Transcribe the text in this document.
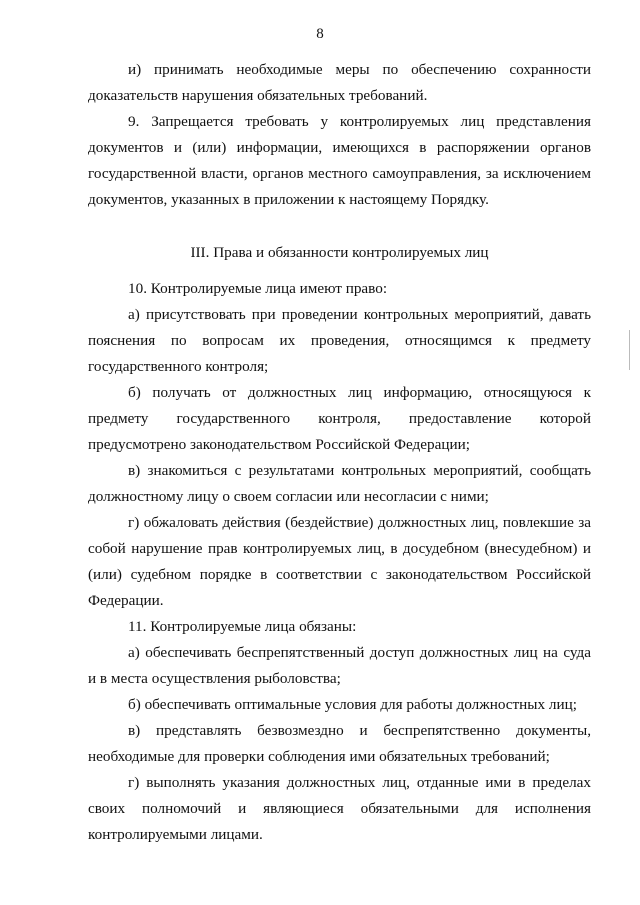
8

и) принимать необходимые меры по обеспечению сохранности доказательств нарушения обязательных требований.

9. Запрещается требовать у контролируемых лиц представления документов и (или) информации, имеющихся в распоряжении органов государственной власти, органов местного самоуправления, за исключением документов, указанных в приложении к настоящему Порядку.

III. Права и обязанности контролируемых лиц

10. Контролируемые лица имеют право:

а) присутствовать при проведении контрольных мероприятий, давать пояснения по вопросам их проведения, относящимся к предмету государственного контроля;

б) получать от должностных лиц информацию, относящуюся к предмету государственного контроля, предоставление которой предусмотрено законодательством Российской Федерации;

в) знакомиться с результатами контрольных мероприятий, сообщать должностному лицу о своем согласии или несогласии с ними;

г) обжаловать действия (бездействие) должностных лиц, повлекшие за собой нарушение прав контролируемых лиц, в досудебном (внесудебном) и (или) судебном порядке в соответствии с законодательством Российской Федерации.

11. Контролируемые лица обязаны:

а) обеспечивать беспрепятственный доступ должностных лиц на суда и в места осуществления рыболовства;

б) обеспечивать оптимальные условия для работы должностных лиц;

в) представлять безвозмездно и беспрепятственно документы, необходимые для проверки соблюдения ими обязательных требований;

г) выполнять указания должностных лиц, отданные ими в пределах своих полномочий и являющиеся обязательными для исполнения контролируемыми лицами.
